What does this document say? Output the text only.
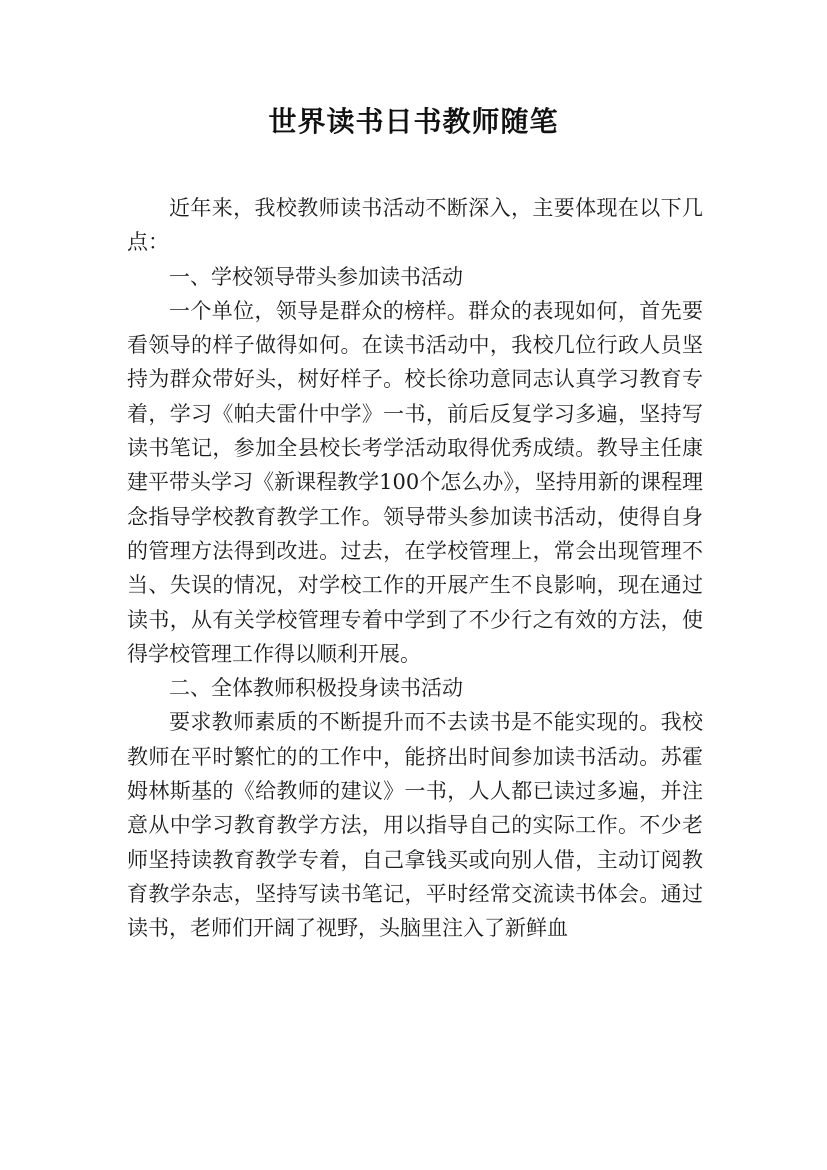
世界读书日书教师随笔

近年来，我校教师读书活动不断深入，主要体现在以下几点：

一、学校领导带头参加读书活动

一个单位，领导是群众的榜样。群众的表现如何，首先要看领导的样子做得如何。在读书活动中，我校几位行政人员坚持为群众带好头，树好样子。校长徐功意同志认真学习教育专着，学习《帕夫雷什中学》一书，前后反复学习多遍，坚持写读书笔记，参加全县校长考学活动取得优秀成绩。教导主任康建平带头学习《新课程教学100个怎么办》，坚持用新的课程理念指导学校教育教学工作。领导带头参加读书活动，使得自身的管理方法得到改进。过去，在学校管理上，常会出现管理不当、失误的情况，对学校工作的开展产生不良影响，现在通过读书，从有关学校管理专着中学到了不少行之有效的方法，使得学校管理工作得以顺利开展。

二、全体教师积极投身读书活动

要求教师素质的不断提升而不去读书是不能实现的。我校教师在平时繁忙的的工作中，能挤出时间参加读书活动。苏霍姆林斯基的《给教师的建议》一书，人人都已读过多遍，并注意从中学习教育教学方法，用以指导自己的实际工作。不少老师坚持读教育教学专着，自己拿钱买或向别人借，主动订阅教育教学杂志，坚持写读书笔记，平时经常交流读书体会。通过读书，老师们开阔了视野，头脑里注入了新鲜血
